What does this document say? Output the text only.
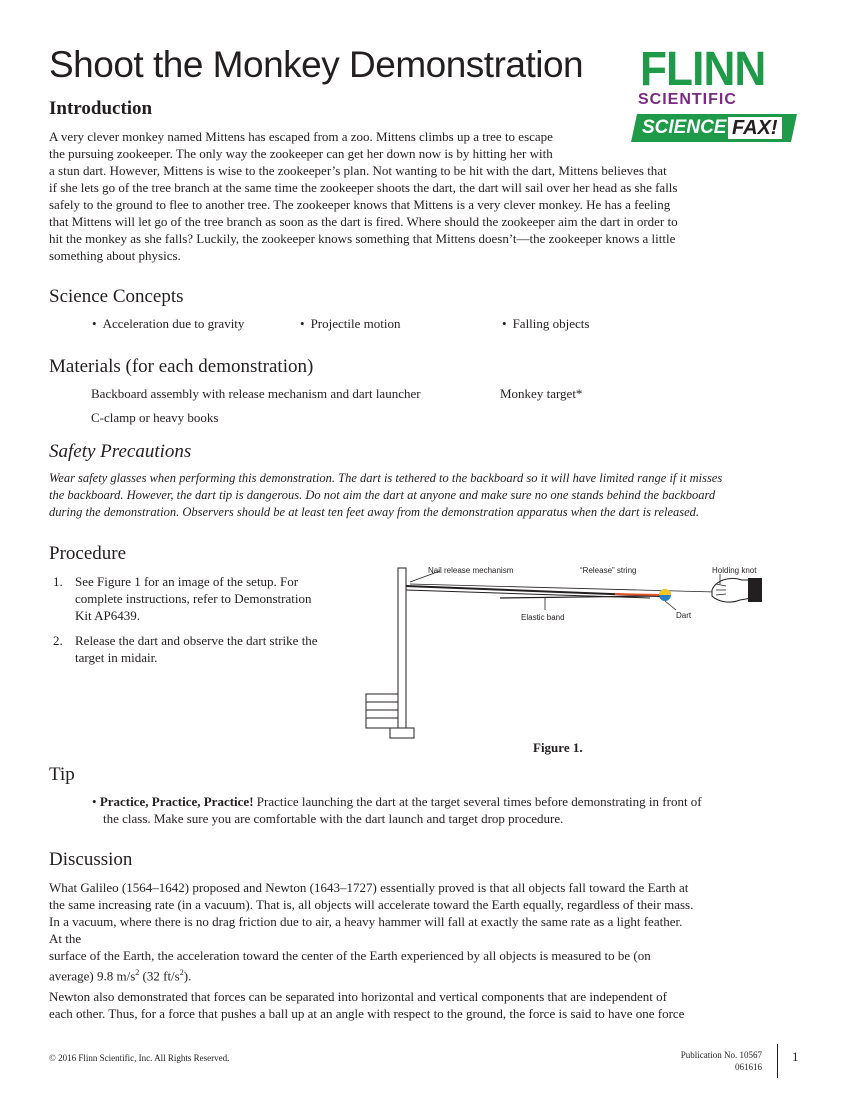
Shoot the Monkey Demonstration FLINN
SCIENTIFIC
SCIENCE FAX!
Introduction
A very clever monkey named Mittens has escaped from a zoo. Mittens climbs up a tree to escape
the pursuing zookeeper. The only way the zookeeper can get her down now is by hitting her with
a stun dart. However, Mittens is wise to the zookeeper’s plan. Not wanting to be hit with the dart, Mittens believes that
if she lets go of the tree branch at the same time the zookeeper shoots the dart, the dart will sail over her head as she falls
safely to the ground to flee to another tree. The zookeeper knows that Mittens is a very clever monkey. He has a feeling
that Mittens will let go of the tree branch as soon as the dart is fired. Where should the zookeeper aim the dart in order to
hit the monkey as she falls? Luckily, the zookeeper knows something that Mittens doesn’t—the zookeeper knows a little
something about physics.
Science Concepts
• Acceleration due to gravity	• Projectile motion	• Falling objects
Materials (for each demonstration)
Backboard assembly with release mechanism and dart launcher	Monkey target*
C-clamp or heavy books
Safety Precautions
Wear safety glasses when performing this demonstration. The dart is tethered to the backboard so it will have limited range if it misses
the backboard. However, the dart tip is dangerous. Do not aim the dart at anyone and make sure no one stands behind the backboard
during the demonstration. Observers should be at least ten feet away from the demonstration apparatus when the dart is released.
Procedure
1. See Figure 1 for an image of the setup. For
complete instructions, refer to Demonstration
Kit AP6439.
2. Release the dart and observe the dart strike the
target in midair.
Nail release mechanism	“Release” string	Holding knot
Elastic band	Dart
Figure 1.
Tip
• Practice, Practice, Practice! Practice launching the dart at the target several times before demonstrating in front of
the class. Make sure you are comfortable with the dart launch and target drop procedure.
Discussion
What Galileo (1564–1642) proposed and Newton (1643–1727) essentially proved is that all objects fall toward the Earth at
the same increasing rate (in a vacuum). That is, all objects will accelerate toward the Earth equally, regardless of their mass.
In a vacuum, where there is no drag friction due to air, a heavy hammer will fall at exactly the same rate as a light feather.
At the
surface of the Earth, the acceleration toward the center of the Earth experienced by all objects is measured to be (on
average) 9.8 $m/s^2$ (32 $ft/s^2$).
Newton also demonstrated that forces can be separated into horizontal and vertical components that are independent of
each other. Thus, for a force that pushes a ball up at an angle with respect to the ground, the force is said to have one force
© 2016 Flinn Scientific, Inc. All Rights Reserved.	Publication No. 10567
061616
1
